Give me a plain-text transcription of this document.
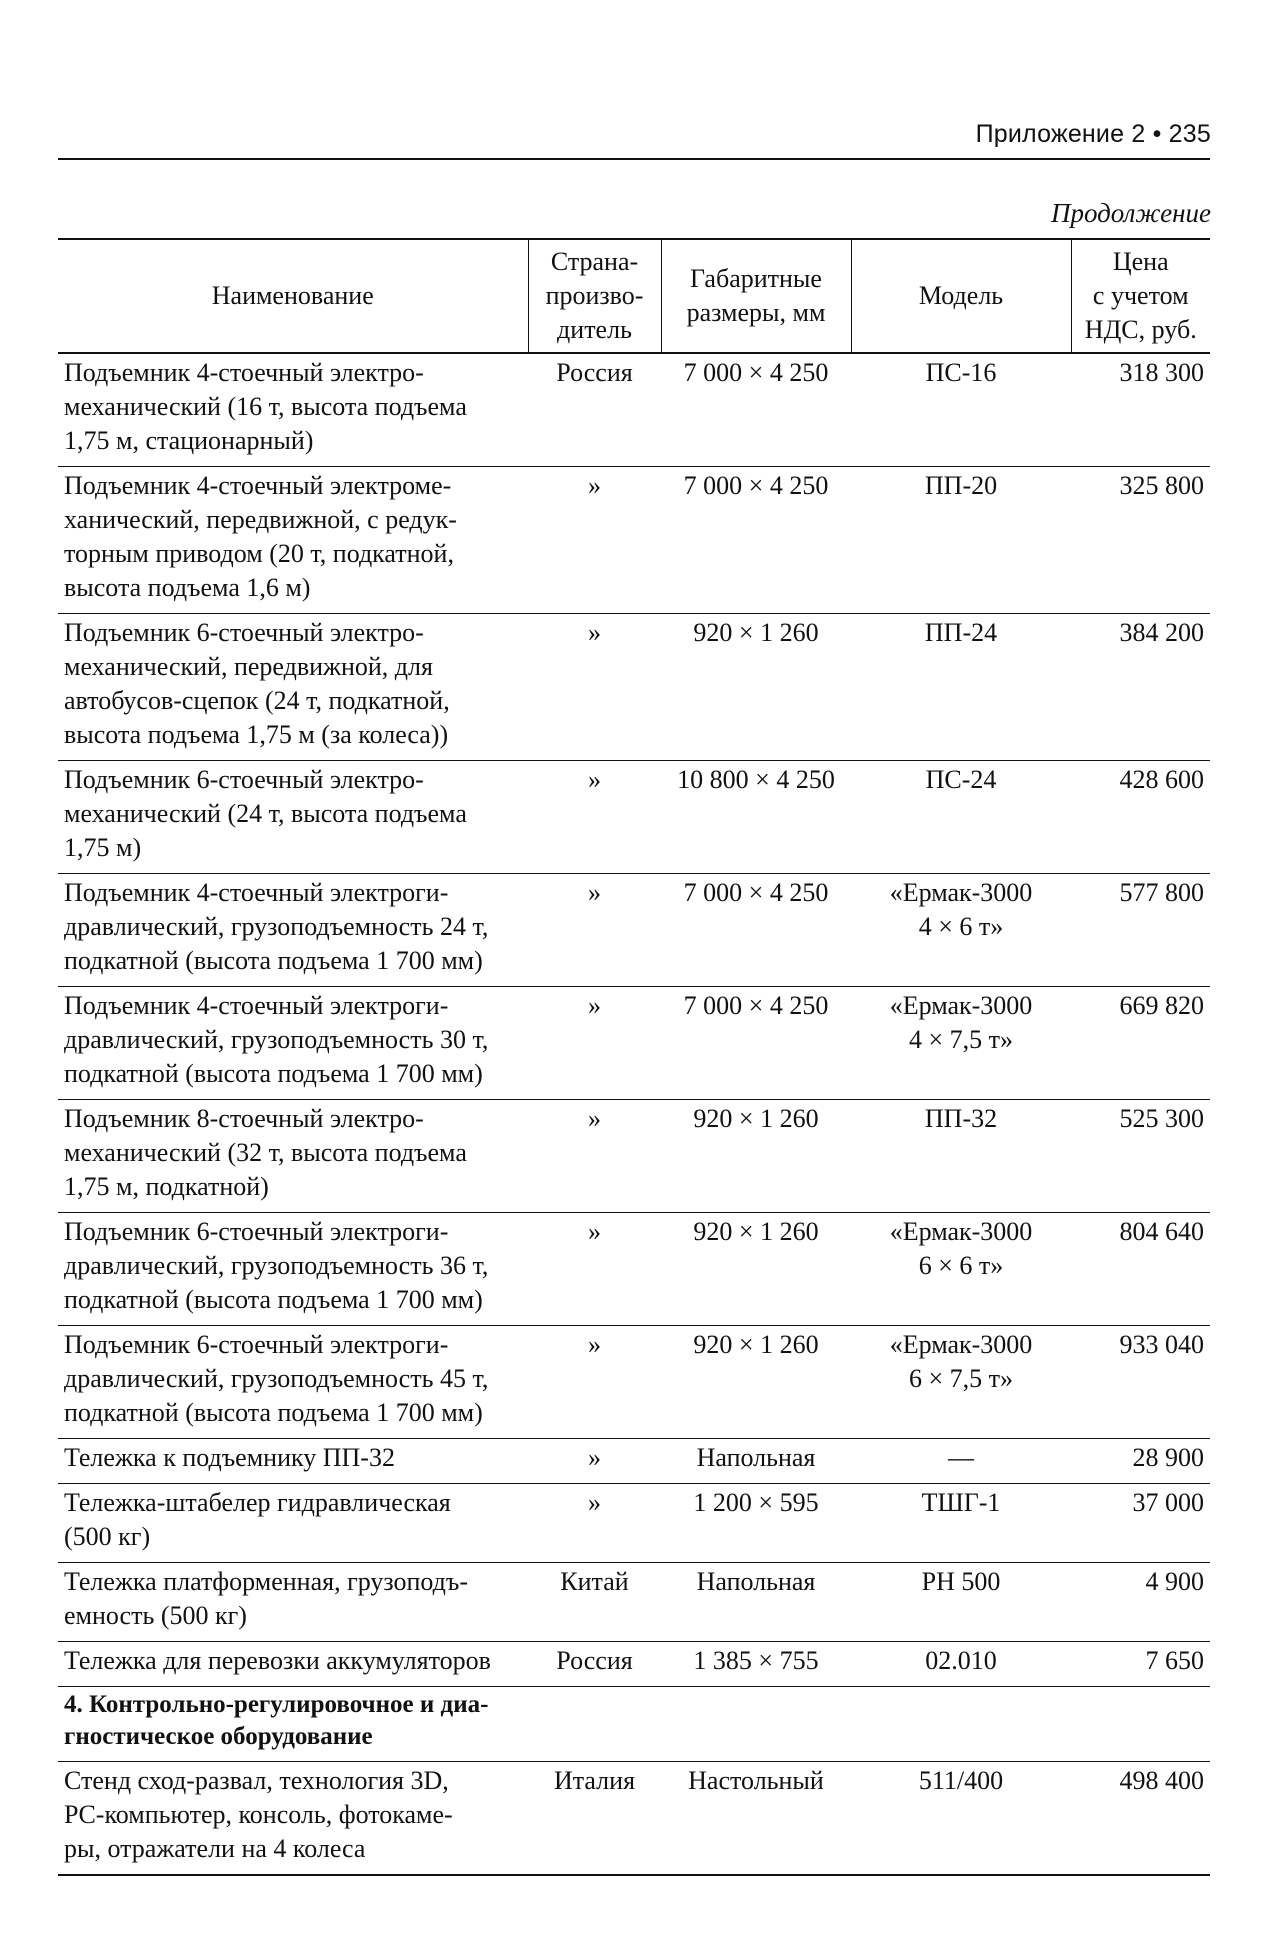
Приложение 2 • 235
Продолжение
Наименование	Страна-
произво-
дитель	Габаритные
размеры, мм	Модель	Цена
с учетом
НДС, руб.
Подъемник 4-стоечный электро-
механический (16 т, высота подъема
1,75 м, стационарный)	Россия	7 000 × 4 250	ПС-16	318 300
Подъемник 4-стоечный электроме-
ханический, передвижной, с редук-
торным приводом (20 т, подкатной,
высота подъема 1,6 м)	»	7 000 × 4 250	ПП-20	325 800
Подъемник 6-стоечный электро-
механический, передвижной, для
автобусов-сцепок (24 т, подкатной,
высота подъема 1,75 м (за колеса))	»	920 × 1 260	ПП-24	384 200
Подъемник 6-стоечный электро-
механический (24 т, высота подъема
1,75 м)	»	10 800 × 4 250	ПС-24	428 600
Подъемник 4-стоечный электроги-
дравлический, грузоподъемность 24 т,
подкатной (высота подъема 1 700 мм)	»	7 000 × 4 250	«Ермак-3000
4 × 6 т»	577 800
Подъемник 4-стоечный электроги-
дравлический, грузоподъемность 30 т,
подкатной (высота подъема 1 700 мм)	»	7 000 × 4 250	«Ермак-3000
4 × 7,5 т»	669 820
Подъемник 8-стоечный электро-
механический (32 т, высота подъема
1,75 м, подкатной)	»	920 × 1 260	ПП-32	525 300
Подъемник 6-стоечный электроги-
дравлический, грузоподъемность 36 т,
подкатной (высота подъема 1 700 мм)	»	920 × 1 260	«Ермак-3000
6 × 6 т»	804 640
Подъемник 6-стоечный электроги-
дравлический, грузоподъемность 45 т,
подкатной (высота подъема 1 700 мм)	»	920 × 1 260	«Ермак-3000
6 × 7,5 т»	933 040
Тележка к подъемнику ПП-32	»	Напольная	—	28 900
Тележка-штабелер гидравлическая
(500 кг)	»	1 200 × 595	ТШГ-1	37 000
Тележка платформенная, грузоподъ-
емность (500 кг)	Китай	Напольная	PH 500	4 900
Тележка для перевозки аккумуляторов	Россия	1 385 × 755	02.010	7 650
4. Контрольно-регулировочное и диа-
гностическое оборудование				
Стенд сход-развал, технология 3D,
PC-компьютер, консоль, фотокаме-
ры, отражатели на 4 колеса	Италия	Настольный	511/400	498 400
